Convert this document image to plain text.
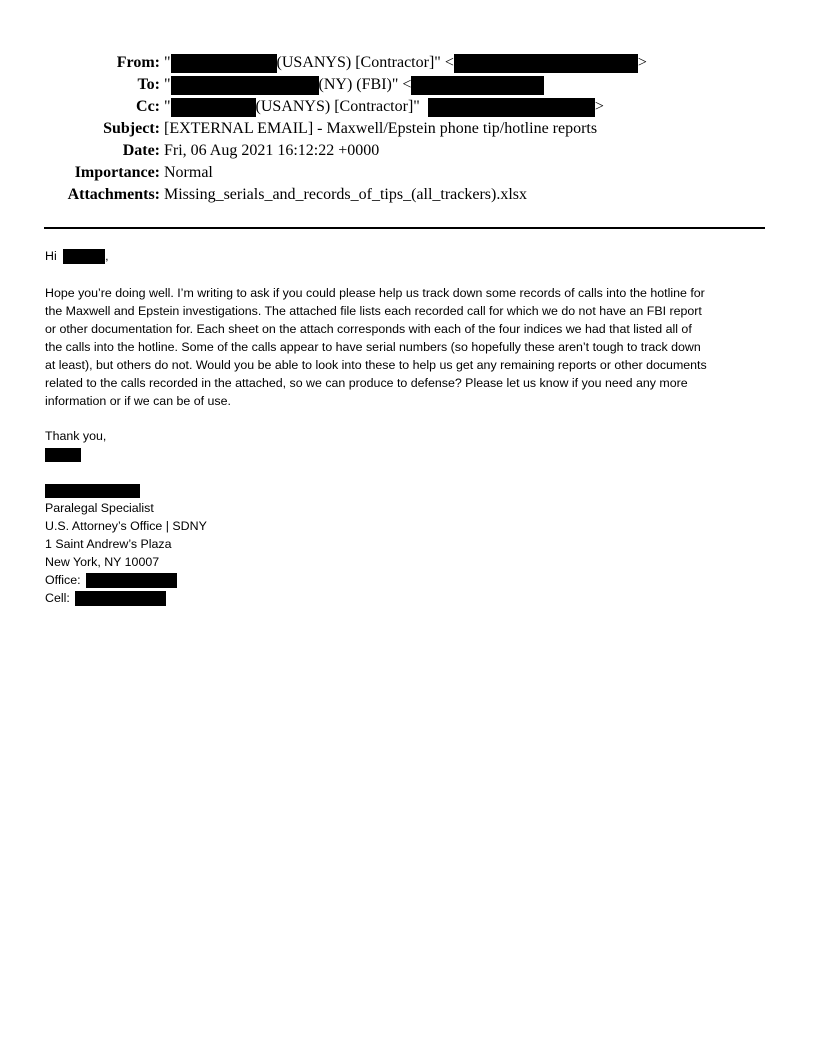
From: "	(USANYS) [Contractor]" <	>
To: "	(NY) (FBI)" <
Cc: "	(USANYS) [Contractor]"	>
Subject: [EXTERNAL EMAIL] - Maxwell/Epstein phone tip/hotline reports
Date: Fri, 06 Aug 2021 16:12:22 +0000
Importance: Normal
Attachments: Missing_serials_and_records_of_tips_(all_trackers).xlsx
Hi	,
Hope you’re doing well. I’m writing to ask if you could please help us track down some records of calls into the hotline for
the Maxwell and Epstein investigations. The attached file lists each recorded call for which we do not have an FBI report
or other documentation for. Each sheet on the attach corresponds with each of the four indices we had that listed all of
the calls into the hotline. Some of the calls appear to have serial numbers (so hopefully these aren’t tough to track down
at least), but others do not. Would you be able to look into these to help us get any remaining reports or other documents
related to the calls recorded in the attached, so we can produce to defense? Please let us know if you need any more
information or if we can be of use.
Thank you,
Paralegal Specialist
U.S. Attorney’s Office | SDNY
1 Saint Andrew’s Plaza
New York, NY 10007
Office:
Cell:
